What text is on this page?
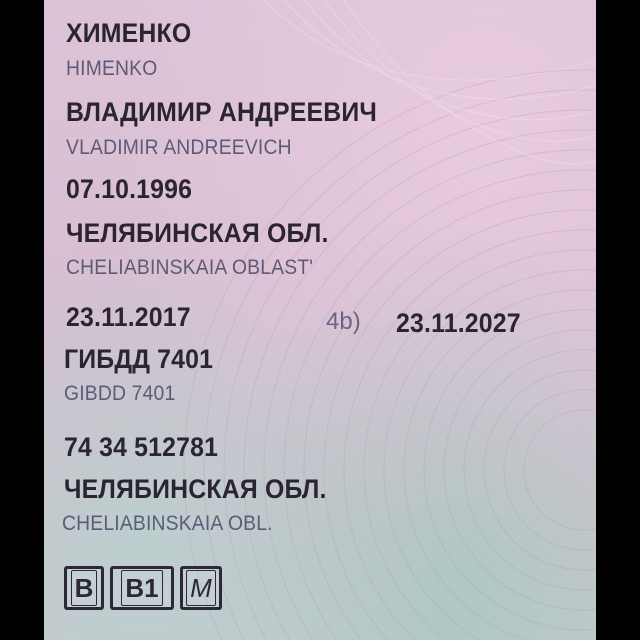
ХИМЕНКО
HIMENKO
ВЛАДИМИР АНДРЕЕВИЧ
VLADIMIR ANDREEVICH
07.10.1996
ЧЕЛЯБИНСКАЯ ОБЛ.
CHELIABINSKAIA OBLAST'
23.11.2017	4b) 23.11.2027
ГИБДД 7401
GIBDD 7401
74 34 512781
ЧЕЛЯБИНСКАЯ ОБЛ.
CHELIABINSKAIA OBL.
B B1 M
